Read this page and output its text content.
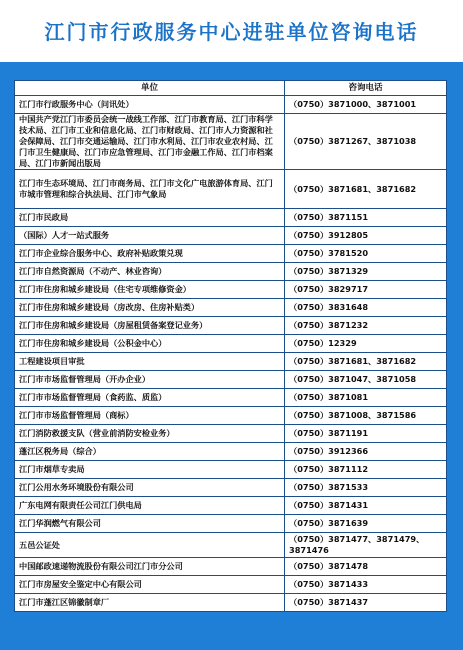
江门市行政服务中心进驻单位咨询电话
单位	咨询电话
江门市行政服务中心（问讯处）	（0750）3871000、3871001
中国共产党江门市委员会统一战线工作部、江门市教育局、江门市科学技术局、江门市工业和信息化局、江门市财政局、江门市人力资源和社会保障局、江门市交通运输局、江门市水利局、江门市农业农村局、江门市卫生健康局、江门市应急管理局、江门市金融工作局、江门市档案局、江门市新闻出版局	（0750）3871267、3871038
江门市生态环境局、江门市商务局、江门市文化广电旅游体育局、江门市城市管理和综合执法局、江门市气象局	（0750）3871681、3871682
江门市民政局	（0750）3871151
（国际）人才一站式服务	（0750）3912805
江门市企业综合服务中心、政府补贴政策兑现	（0750）3781520
江门市自然资源局（不动产、林业咨询）	（0750）3871329
江门市住房和城乡建设局（住宅专项维修资金）	（0750）3829717
江门市住房和城乡建设局（房改房、住房补贴类）	（0750）3831648
江门市住房和城乡建设局（房屋租赁备案登记业务）	（0750）3871232
江门市住房和城乡建设局（公积金中心）	（0750）12329
工程建设项目审批	（0750）3871681、3871682
江门市市场监督管理局（开办企业）	（0750）3871047、3871058
江门市市场监督管理局（食药监、质监）	（0750）3871081
江门市市场监督管理局（商标）	（0750）3871008、3871586
江门消防救援支队（营业前消防安检业务）	（0750）3871191
蓬江区税务局（综合）	（0750）3912366
江门市烟草专卖局	（0750）3871112
江门公用水务环境股份有限公司	（0750）3871533
广东电网有限责任公司江门供电局	（0750）3871431
江门华润燃气有限公司	（0750）3871639
五邑公证处	（0750）3871477、3871479、3871476
中国邮政速递物流股份有限公司江门市分公司	（0750）3871478
江门市房屋安全鉴定中心有限公司	（0750）3871433
江门市蓬江区锦徽制章厂	（0750）3871437
